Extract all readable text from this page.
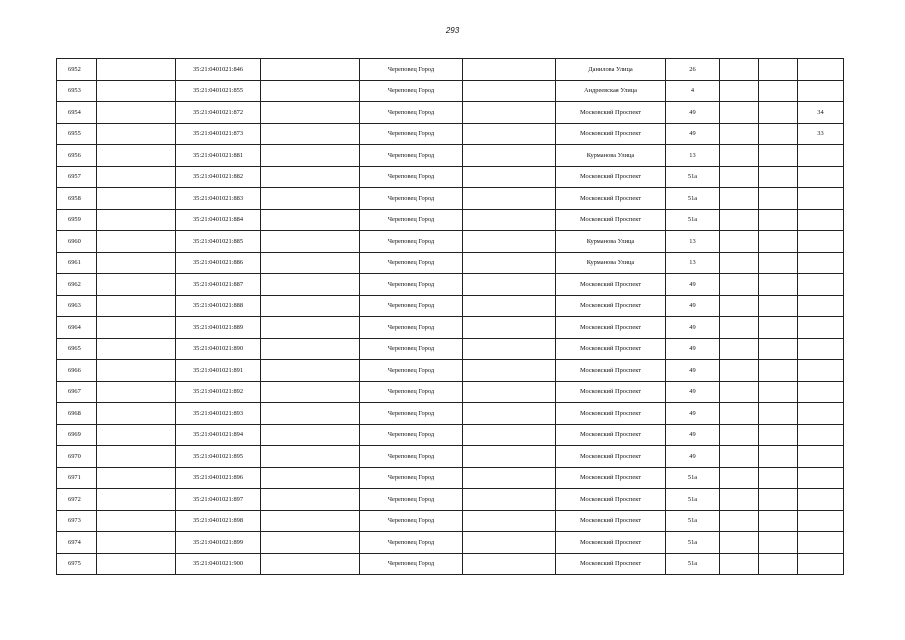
293
6952		35:21:0401021:846		Череповец Город		Данилова Улица	26			
6953		35:21:0401021:855		Череповец Город		Андреевская Улица	4			
6954		35:21:0401021:872		Череповец Город		Московский Проспект	49			34
6955		35:21:0401021:873		Череповец Город		Московский Проспект	49			33
6956		35:21:0401021:881		Череповец Город		Курманова Улица	13			
6957		35:21:0401021:882		Череповец Город		Московский Проспект	51а			
6958		35:21:0401021:883		Череповец Город		Московский Проспект	51а			
6959		35:21:0401021:884		Череповец Город		Московский Проспект	51а			
6960		35:21:0401021:885		Череповец Город		Курманова Улица	13			
6961		35:21:0401021:886		Череповец Город		Курманова Улица	13			
6962		35:21:0401021:887		Череповец Город		Московский Проспект	49			
6963		35:21:0401021:888		Череповец Город		Московский Проспект	49			
6964		35:21:0401021:889		Череповец Город		Московский Проспект	49			
6965		35:21:0401021:890		Череповец Город		Московский Проспект	49			
6966		35:21:0401021:891		Череповец Город		Московский Проспект	49			
6967		35:21:0401021:892		Череповец Город		Московский Проспект	49			
6968		35:21:0401021:893		Череповец Город		Московский Проспект	49			
6969		35:21:0401021:894		Череповец Город		Московский Проспект	49			
6970		35:21:0401021:895		Череповец Город		Московский Проспект	49			
6971		35:21:0401021:896		Череповец Город		Московский Проспект	51а			
6972		35:21:0401021:897		Череповец Город		Московский Проспект	51а			
6973		35:21:0401021:898		Череповец Город		Московский Проспект	51а			
6974		35:21:0401021:899		Череповец Город		Московский Проспект	51а			
6975		35:21:0401021:900		Череповец Город		Московский Проспект	51а			
